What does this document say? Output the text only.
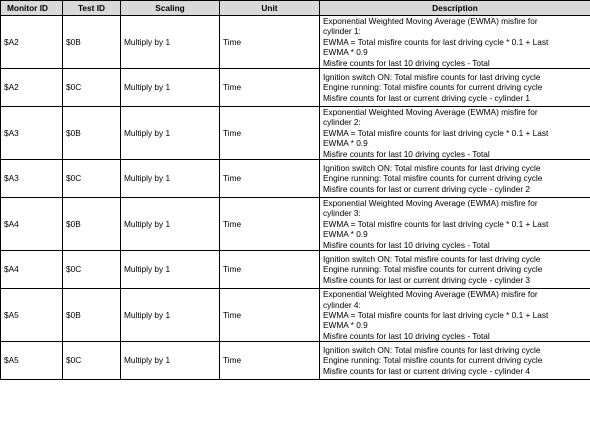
Monitor ID	Test ID	Scaling	Unit	Description
$A2	$0B	Multiply by 1	Time	Exponential Weighted Moving Average (EWMA) misfire for
cylinder 1:
EWMA = Total misfire counts for last driving cycle * 0.1 + Last
EWMA * 0.9
Misfire counts for last 10 driving cycles - Total

$A2	$0C	Multiply by 1	Time	Ignition switch ON: Total misfire counts for last driving cycle
Engine running: Total misfire counts for current driving cycle
Misfire counts for last or current driving cycle - cylinder 1

$A3	$0B	Multiply by 1	Time	Exponential Weighted Moving Average (EWMA) misfire for
cylinder 2:
EWMA = Total misfire counts for last driving cycle * 0.1 + Last
EWMA * 0.9
Misfire counts for last 10 driving cycles - Total

$A3	$0C	Multiply by 1	Time	Ignition switch ON: Total misfire counts for last driving cycle
Engine running: Total misfire counts for current driving cycle
Misfire counts for last or current driving cycle - cylinder 2

$A4	$0B	Multiply by 1	Time	Exponential Weighted Moving Average (EWMA) misfire for
cylinder 3:
EWMA = Total misfire counts for last driving cycle * 0.1 + Last
EWMA * 0.9
Misfire counts for last 10 driving cycles - Total

$A4	$0C	Multiply by 1	Time	Ignition switch ON: Total misfire counts for last driving cycle
Engine running: Total misfire counts for current driving cycle
Misfire counts for last or current driving cycle - cylinder 3

$A5	$0B	Multiply by 1	Time	Exponential Weighted Moving Average (EWMA) misfire for
cylinder 4:
EWMA = Total misfire counts for last driving cycle * 0.1 + Last
EWMA * 0.9
Misfire counts for last 10 driving cycles - Total

$A5	$0C	Multiply by 1	Time	Ignition switch ON: Total misfire counts for last driving cycle
Engine running: Total misfire counts for current driving cycle
Misfire counts for last or current driving cycle - cylinder 4
